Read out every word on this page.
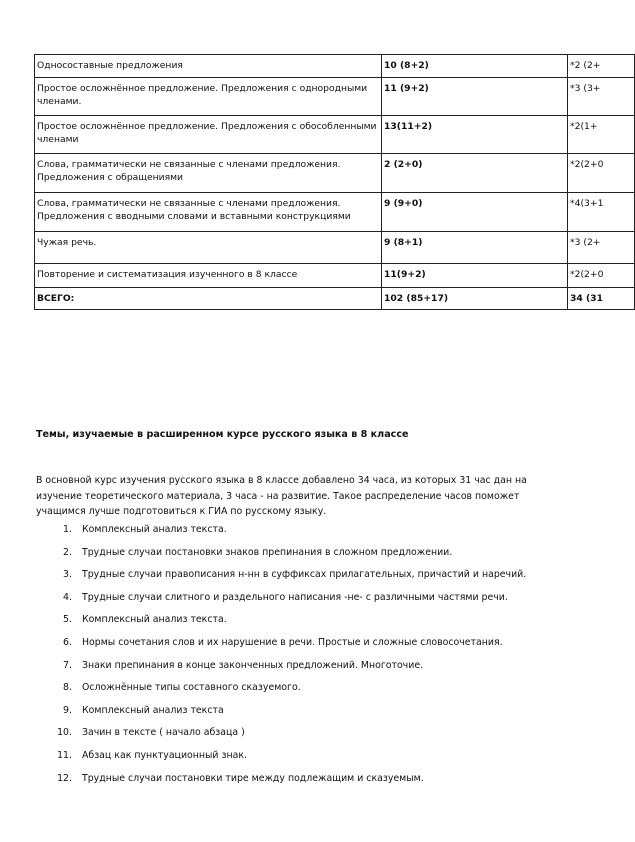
Односоставные предложения	10 (8+2)	*2 (2+
Простое осложнённое предложение. Предложения с однородными членами.	11 (9+2)	*3 (3+
Простое осложнённое предложение. Предложения с обособленными членами	13(11+2)	*2(1+
Слова, грамматически не связанные с членами предложения. Предложения с обращениями	2 (2+0)	*2(2+0
Слова, грамматически не связанные с членами предложения. Предложения с вводными словами и вставными конструкциями	9 (9+0)	*4(3+1
Чужая речь.	9 (8+1)	*3 (2+
Повторение и систематизация изученного в 8 классе	11(9+2)	*2(2+0
ВСЕГО:	102 (85+17)	34 (31
Темы, изучаемые в расширенном курсе русского языка в 8 классе

В основной курс изучения русского языка в 8 классе добавлено 34 часа, из которых 31 час дан на изучение теоретического материала, 3 часа - на развитие. Такое распределение часов поможет учащимся лучше подготовиться к ГИА по русскому языку.

1. Комплексный анализ текста.
2. Трудные случаи постановки знаков препинания в сложном предложении.
3. Трудные случаи правописания н-нн в суффиксах прилагательных, причастий и наречий.
4. Трудные случаи слитного и раздельного написания -не- с различными частями речи.
5. Комплексный анализ текста.
6. Нормы сочетания слов и их нарушение в речи. Простые и сложные словосочетания.
7. Знаки препинания в конце законченных предложений. Многоточие.
8. Осложнённые типы составного сказуемого.
9. Комплексный анализ текста
10. Зачин в тексте ( начало абзаца )
11. Абзац как пунктуационный знак.
12. Трудные случаи постановки тире между подлежащим и сказуемым.
